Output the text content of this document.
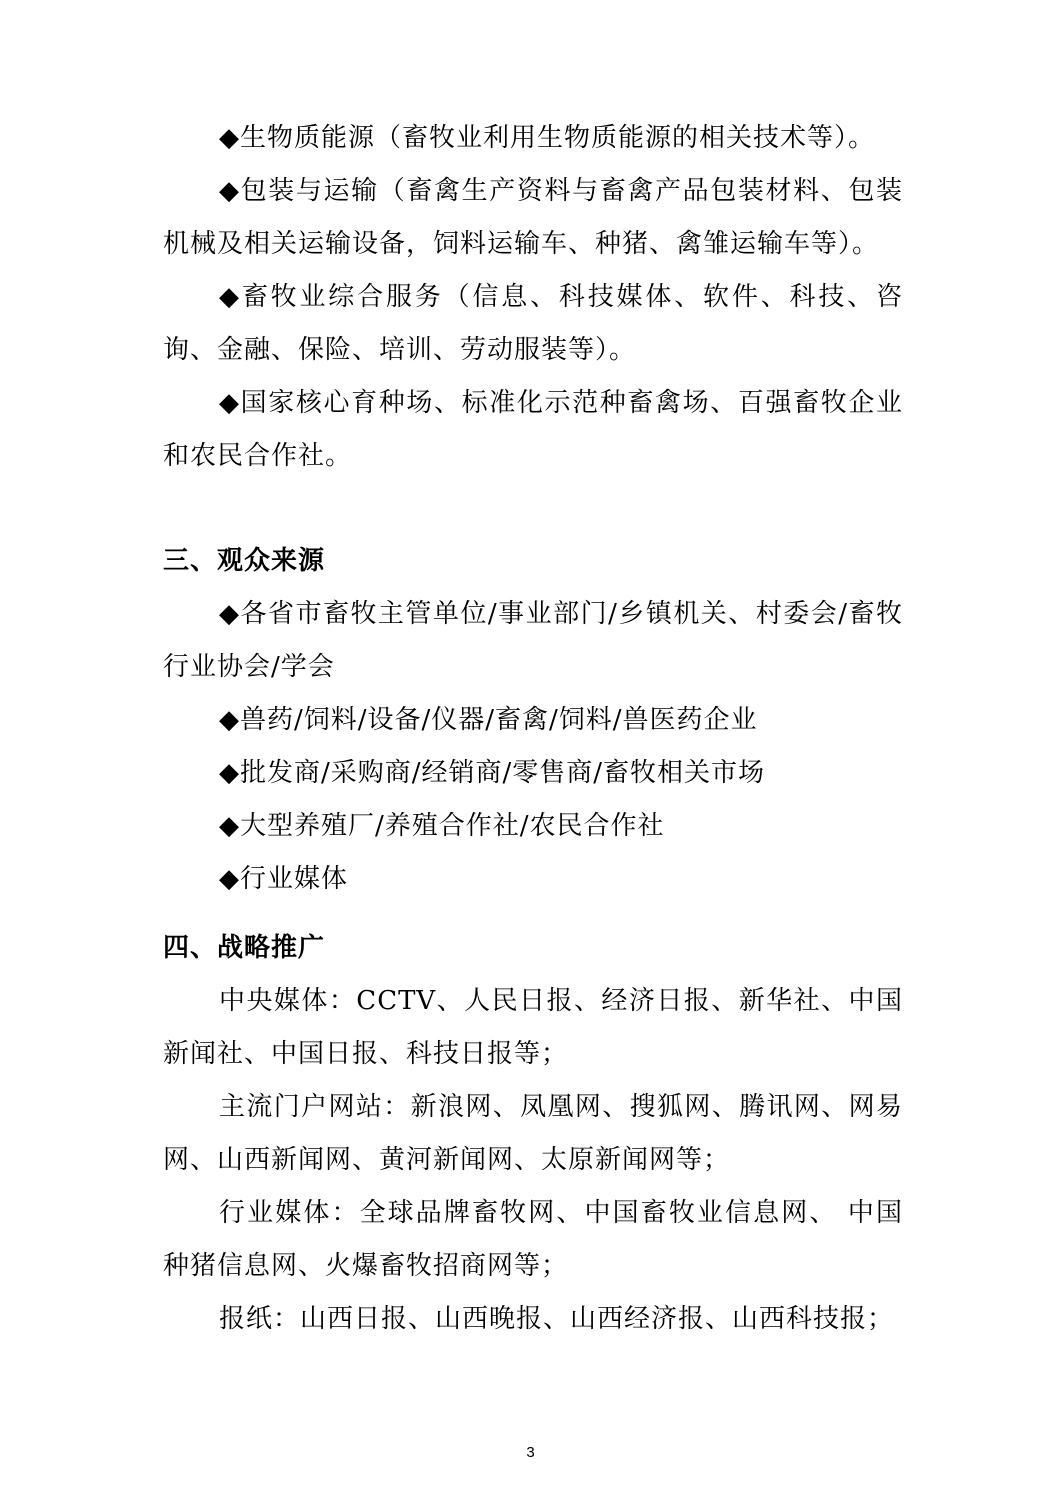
◆生物质能源（畜牧业利用生物质能源的相关技术等）。

◆包装与运输（畜禽生产资料与畜禽产品包装材料、包装机械及相关运输设备，饲料运输车、种猪、禽雏运输车等）。

◆畜牧业综合服务（信息、科技媒体、软件、科技、咨询、金融、保险、培训、劳动服装等）。

◆国家核心育种场、标准化示范种畜禽场、百强畜牧企业和农民合作社。

三、观众来源

◆各省市畜牧主管单位/事业部门/乡镇机关、村委会/畜牧行业协会/学会

◆兽药/饲料/设备/仪器/畜禽/饲料/兽医药企业

◆批发商/采购商/经销商/零售商/畜牧相关市场

◆大型养殖厂/养殖合作社/农民合作社

◆行业媒体

四、战略推广

中央媒体：CCTV、人民日报、经济日报、新华社、中国新闻社、中国日报、科技日报等；

主流门户网站：新浪网、凤凰网、搜狐网、腾讯网、网易网、山西新闻网、黄河新闻网、太原新闻网等；

行业媒体：全球品牌畜牧网、中国畜牧业信息网、 中国种猪信息网、火爆畜牧招商网等；

报纸：山西日报、山西晚报、山西经济报、山西科技报；

3
